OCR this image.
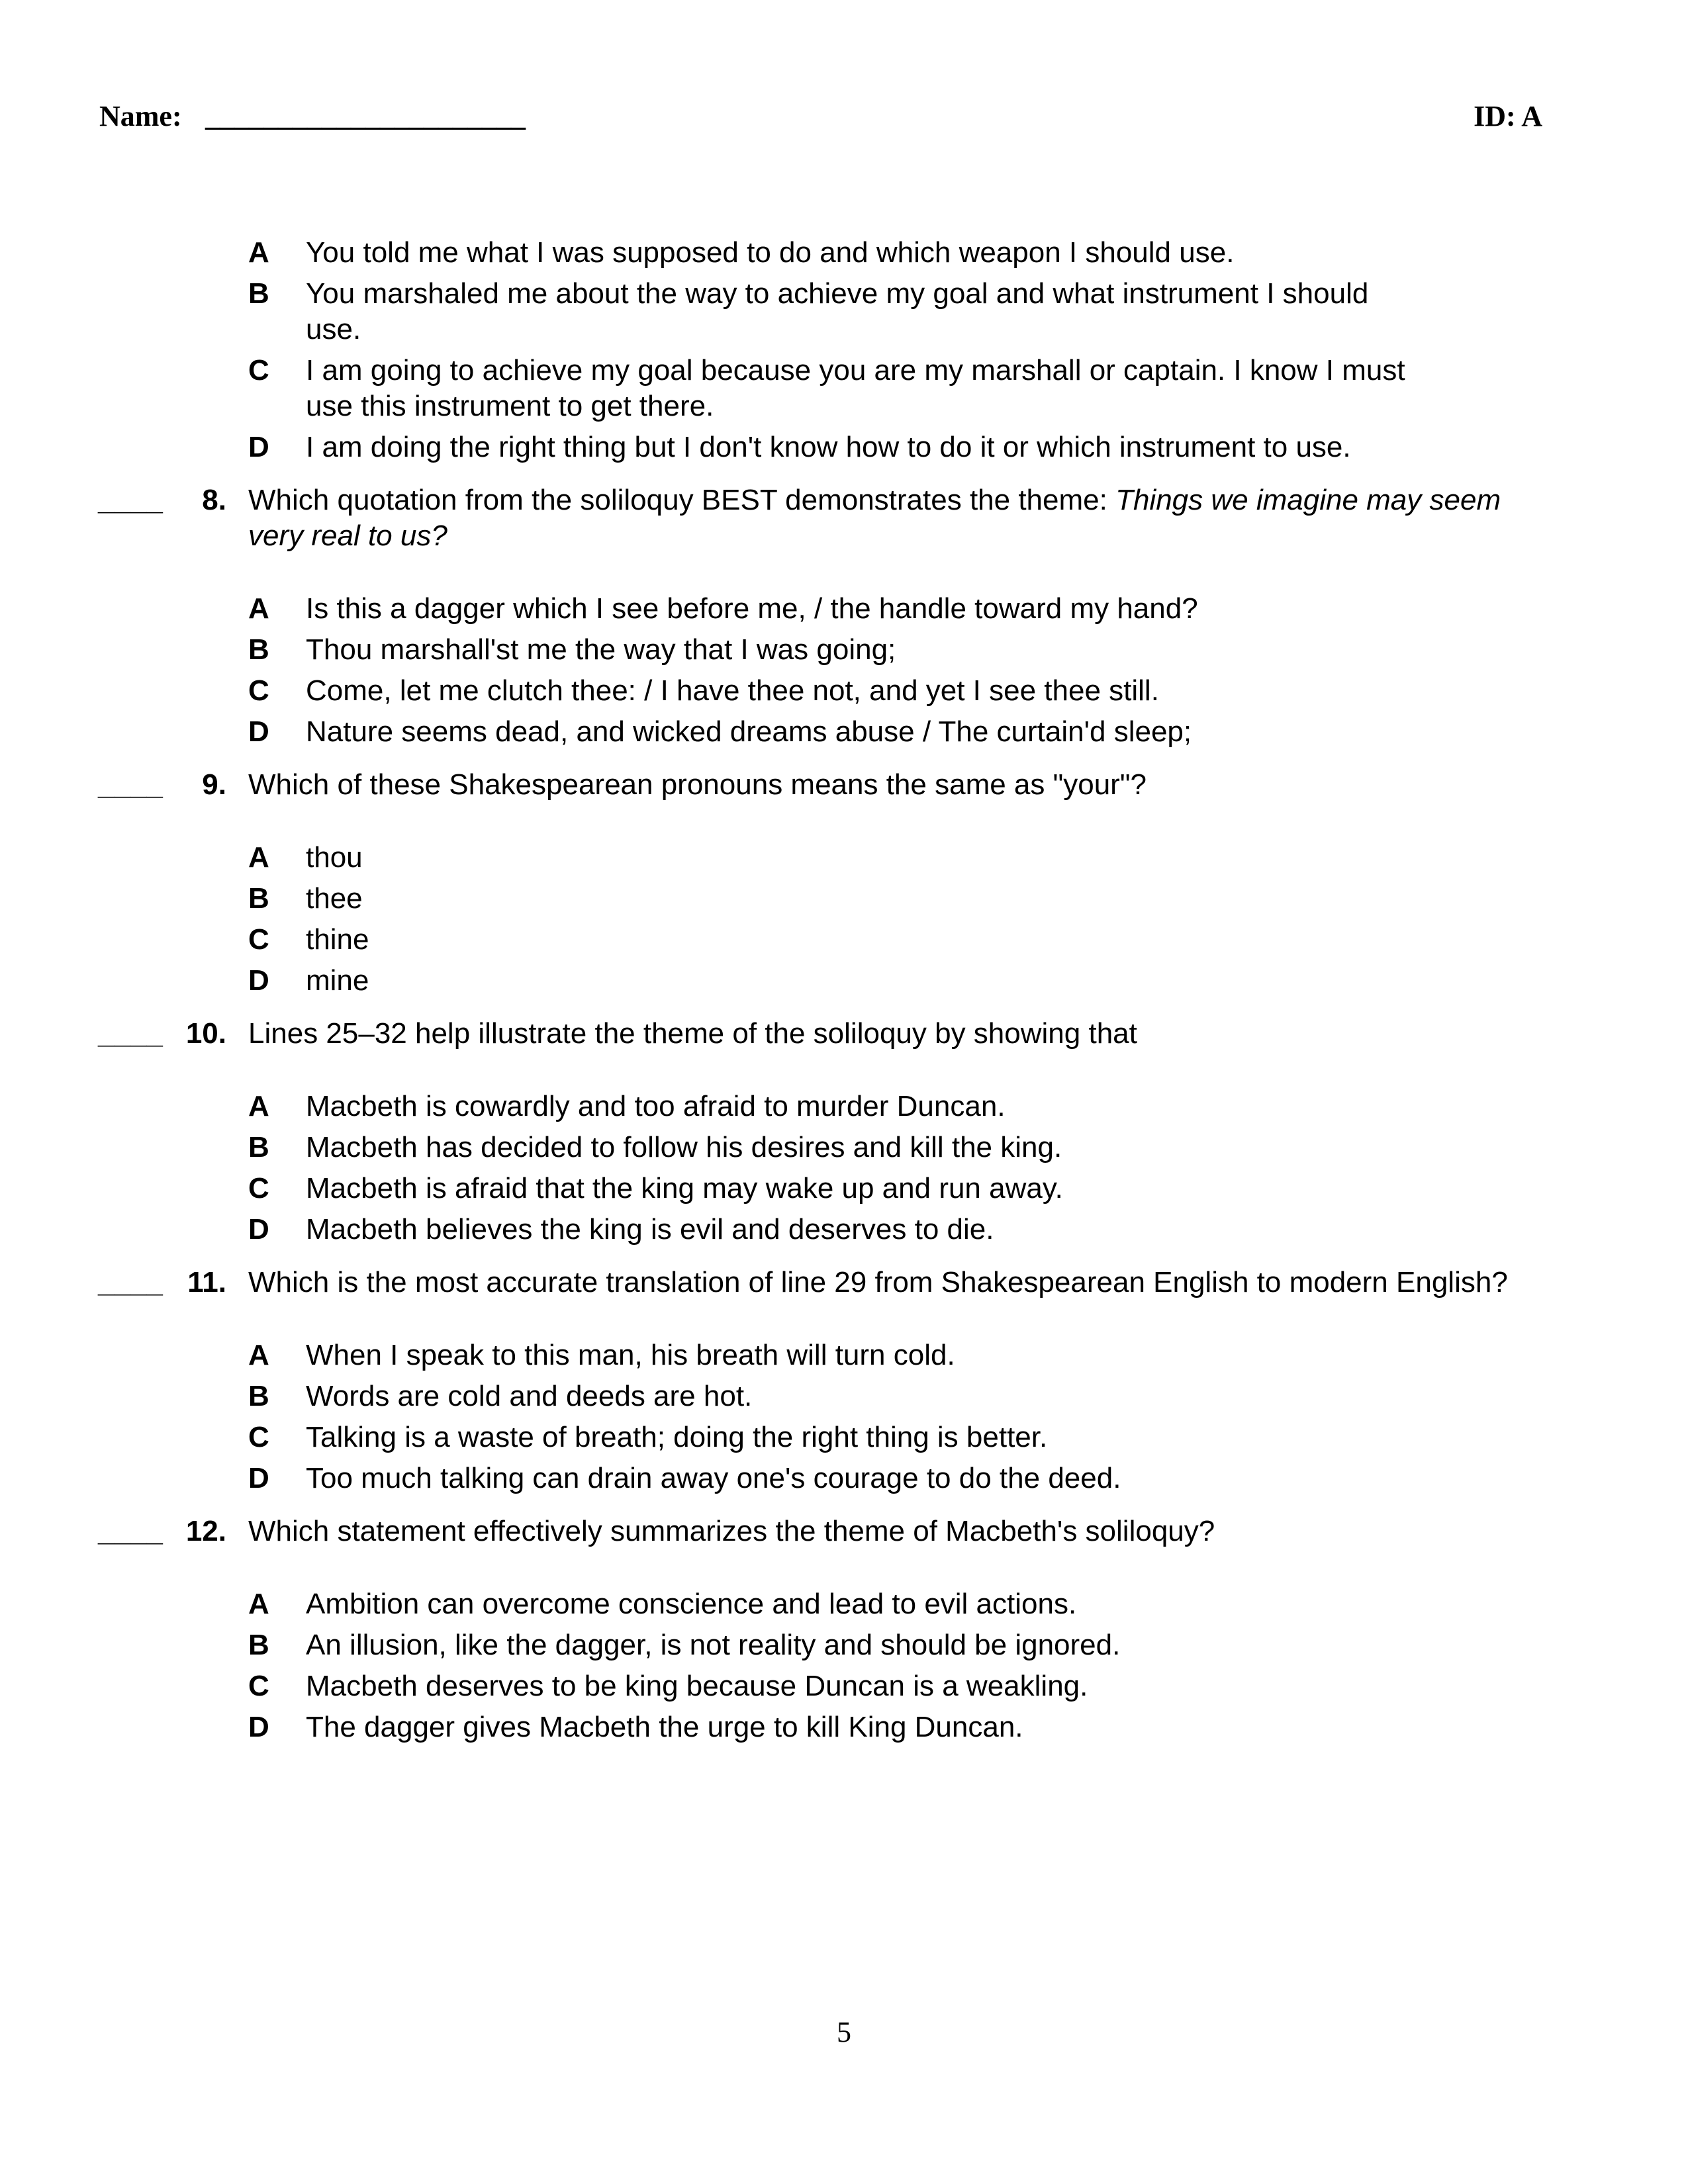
Name: ______________________	ID: A
A You told me what I was supposed to do and which weapon I should use.
B You marshaled me about the way to achieve my goal and what instrument I should use.
C I am going to achieve my goal because you are my marshall or captain. I know I must use this instrument to get there.
D I am doing the right thing but I don't know how to do it or which instrument to use.
____	8. Which quotation from the soliloquy BEST demonstrates the theme: Things we imagine may seem very real to us?
A Is this a dagger which I see before me, / the handle toward my hand?
B Thou marshall'st me the way that I was going;
C Come, let me clutch thee: / I have thee not, and yet I see thee still.
D Nature seems dead, and wicked dreams abuse / The curtain'd sleep;
____	9. Which of these Shakespearean pronouns means the same as "your"?
A thou
B thee
C thine
D mine
____ 10. Lines 25–32 help illustrate the theme of the soliloquy by showing that
A Macbeth is cowardly and too afraid to murder Duncan.
B Macbeth has decided to follow his desires and kill the king.
C Macbeth is afraid that the king may wake up and run away.
D Macbeth believes the king is evil and deserves to die.
____ 11. Which is the most accurate translation of line 29 from Shakespearean English to modern English?
A When I speak to this man, his breath will turn cold.
B Words are cold and deeds are hot.
C Talking is a waste of breath; doing the right thing is better.
D Too much talking can drain away one's courage to do the deed.
____ 12. Which statement effectively summarizes the theme of Macbeth's soliloquy?
A Ambition can overcome conscience and lead to evil actions.
B An illusion, like the dagger, is not reality and should be ignored.
C Macbeth deserves to be king because Duncan is a weakling.
D The dagger gives Macbeth the urge to kill King Duncan.
5
